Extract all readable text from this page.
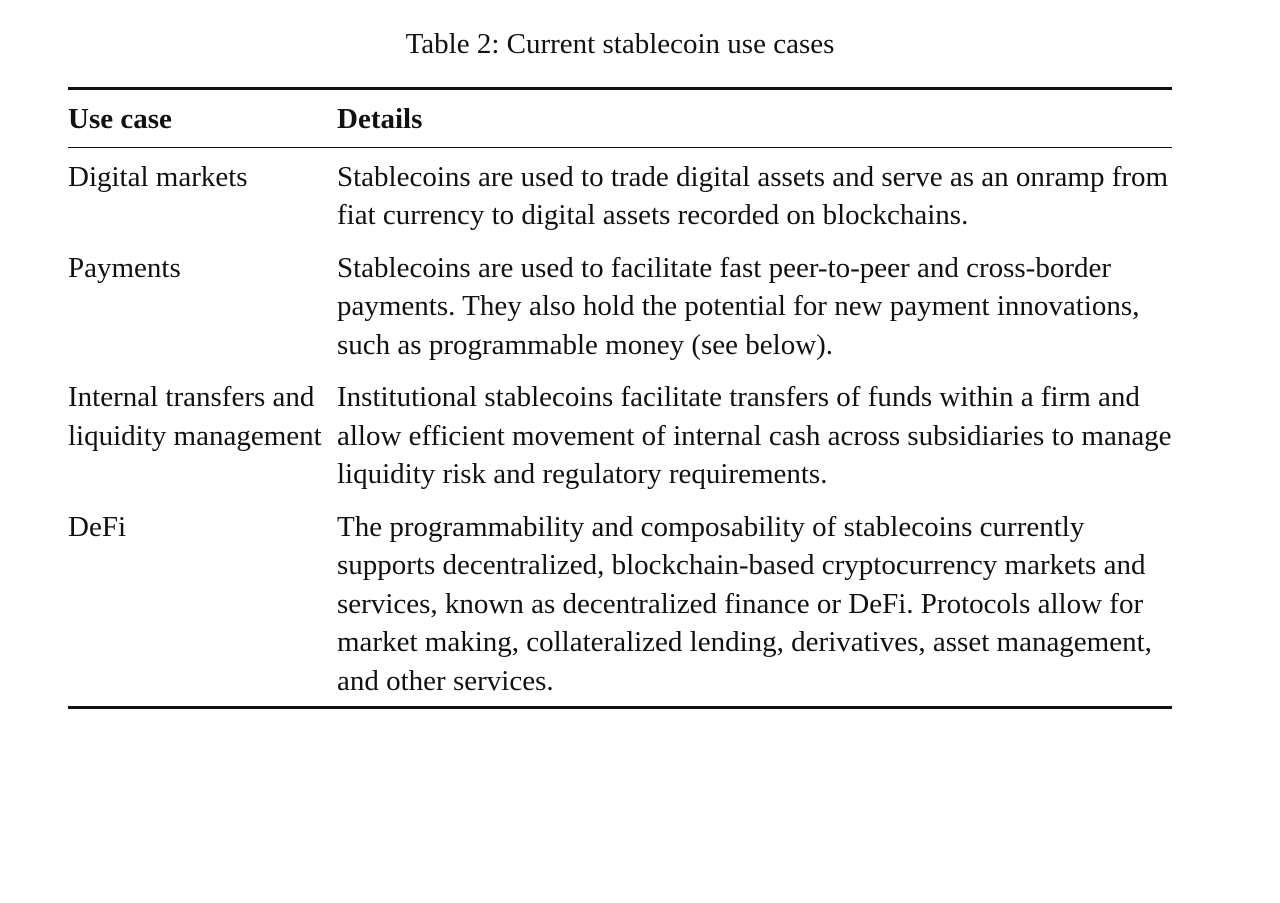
Table 2: Current stablecoin use cases
Use case	Details
Digital markets	Stablecoins are used to trade digital assets and serve as an onramp from fiat currency to digital assets recorded on blockchains.
Payments	Stablecoins are used to facilitate fast peer-to-peer and cross-border payments. They also hold the potential for new payment innovations, such as programmable money (see below).
Internal transfers and liquidity management	Institutional stablecoins facilitate transfers of funds within a firm and allow efficient movement of internal cash across subsidiaries to manage liquidity risk and regulatory requirements.
DeFi	The programmability and composability of stablecoins currently supports decentralized, blockchain-based cryptocurrency markets and services, known as decentralized finance or DeFi. Protocols allow for market making, collateralized lending, derivatives, asset management, and other services.
